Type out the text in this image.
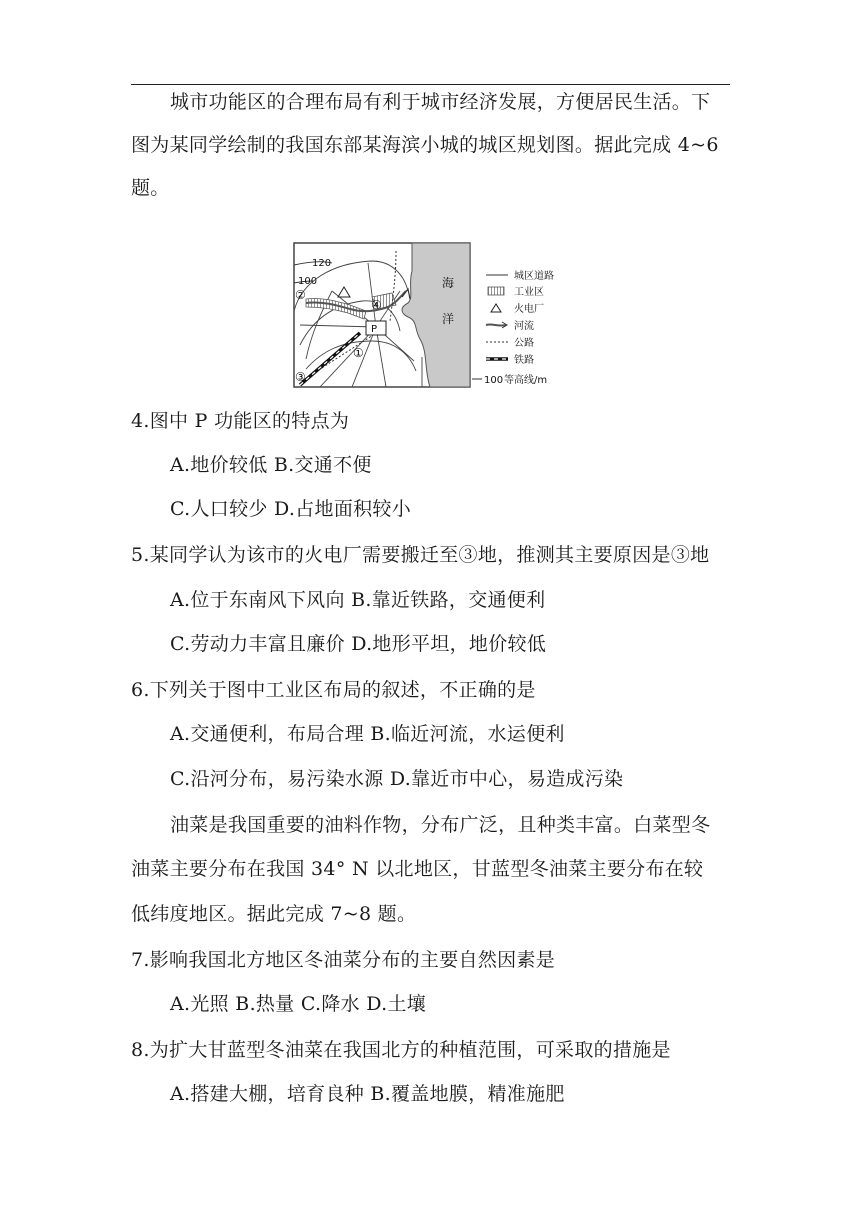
城市功能区的合理布局有利于城市经济发展，方便居民生活。下
图为某同学绘制的我国东部某海滨小城的城区规划图。据此完成 4~6
题。
海
洋
120
100
P
②
④
①
③
城区道路
工业区
火电厂
河流
公路
铁路
100 等高线/m
4.图中 P 功能区的特点为
A.地价较低 B.交通不便
C.人口较少 D.占地面积较小
5.某同学认为该市的火电厂需要搬迁至③地，推测其主要原因是③地
A.位于东南风下风向 B.靠近铁路，交通便利
C.劳动力丰富且廉价 D.地形平坦，地价较低
6.下列关于图中工业区布局的叙述，不正确的是
A.交通便利，布局合理 B.临近河流，水运便利
C.沿河分布，易污染水源 D.靠近市中心，易造成污染
油菜是我国重要的油料作物，分布广泛，且种类丰富。白菜型冬
油菜主要分布在我国 34° N 以北地区，甘蓝型冬油菜主要分布在较
低纬度地区。据此完成 7~8 题。
7.影响我国北方地区冬油菜分布的主要自然因素是
A.光照 B.热量 C.降水 D.土壤
8.为扩大甘蓝型冬油菜在我国北方的种植范围，可采取的措施是
A.搭建大棚，培育良种 B.覆盖地膜，精准施肥
